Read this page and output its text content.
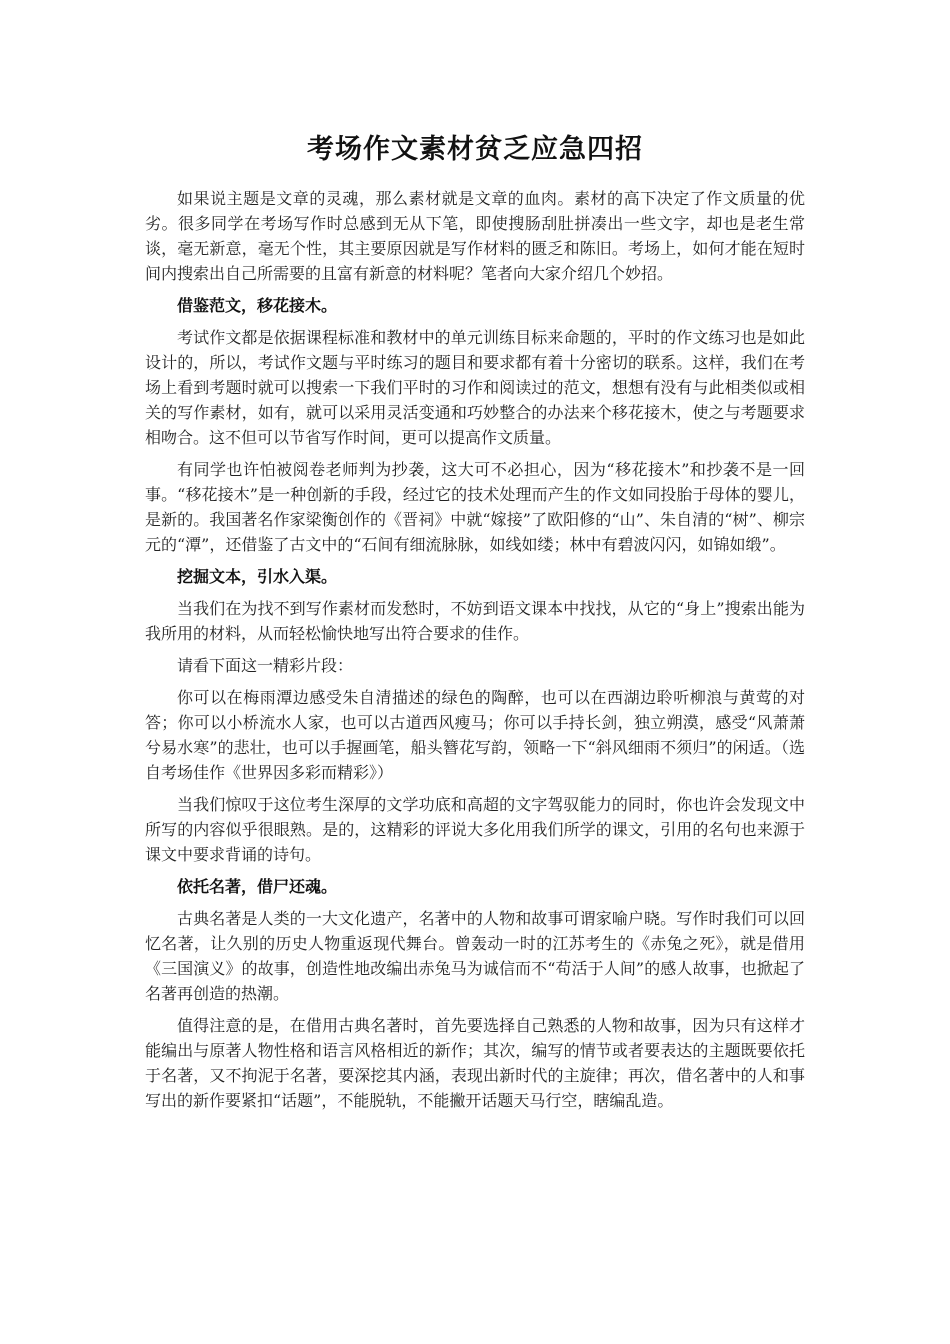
考场作文素材贫乏应急四招

如果说主题是文章的灵魂，那么素材就是文章的血肉。素材的高下决定了作文质量的优劣。很多同学在考场写作时总感到无从下笔，即使搜肠刮肚拼凑出一些文字，却也是老生常谈，毫无新意，毫无个性，其主要原因就是写作材料的匮乏和陈旧。考场上，如何才能在短时间内搜索出自己所需要的且富有新意的材料呢？笔者向大家介绍几个妙招。

借鉴范文，移花接木。

考试作文都是依据课程标准和教材中的单元训练目标来命题的，平时的作文练习也是如此设计的，所以，考试作文题与平时练习的题目和要求都有着十分密切的联系。这样，我们在考场上看到考题时就可以搜索一下我们平时的习作和阅读过的范文，想想有没有与此相类似或相关的写作素材，如有，就可以采用灵活变通和巧妙整合的办法来个移花接木，使之与考题要求相吻合。这不但可以节省写作时间，更可以提高作文质量。

有同学也许怕被阅卷老师判为抄袭，这大可不必担心，因为“移花接木”和抄袭不是一回事。“移花接木”是一种创新的手段，经过它的技术处理而产生的作文如同投胎于母体的婴儿，是新的。我国著名作家梁衡创作的《晋祠》中就“嫁接”了欧阳修的“山”、朱自清的“树”、柳宗元的“潭”，还借鉴了古文中的“石间有细流脉脉，如线如缕；林中有碧波闪闪，如锦如缎”。

挖掘文本，引水入渠。

当我们在为找不到写作素材而发愁时，不妨到语文课本中找找，从它的“身上”搜索出能为我所用的材料，从而轻松愉快地写出符合要求的佳作。

请看下面这一精彩片段：

你可以在梅雨潭边感受朱自清描述的绿色的陶醉，也可以在西湖边聆听柳浪与黄莺的对答；你可以小桥流水人家，也可以古道西风瘦马；你可以手持长剑，独立朔漠，感受“风萧萧兮易水寒”的悲壮，也可以手握画笔，船头簪花写韵，领略一下“斜风细雨不须归”的闲适。（选自考场佳作《世界因多彩而精彩》）

当我们惊叹于这位考生深厚的文学功底和高超的文字驾驭能力的同时，你也许会发现文中所写的内容似乎很眼熟。是的，这精彩的评说大多化用我们所学的课文，引用的名句也来源于课文中要求背诵的诗句。

依托名著，借尸还魂。

古典名著是人类的一大文化遗产，名著中的人物和故事可谓家喻户晓。写作时我们可以回忆名著，让久别的历史人物重返现代舞台。曾轰动一时的江苏考生的《赤兔之死》，就是借用《三国演义》的故事，创造性地改编出赤兔马为诚信而不“苟活于人间”的感人故事，也掀起了名著再创造的热潮。

值得注意的是，在借用古典名著时，首先要选择自己熟悉的人物和故事，因为只有这样才能编出与原著人物性格和语言风格相近的新作；其次，编写的情节或者要表达的主题既要依托于名著，又不拘泥于名著，要深挖其内涵，表现出新时代的主旋律；再次，借名著中的人和事写出的新作要紧扣“话题”，不能脱轨，不能撇开话题天马行空，瞎编乱造。
